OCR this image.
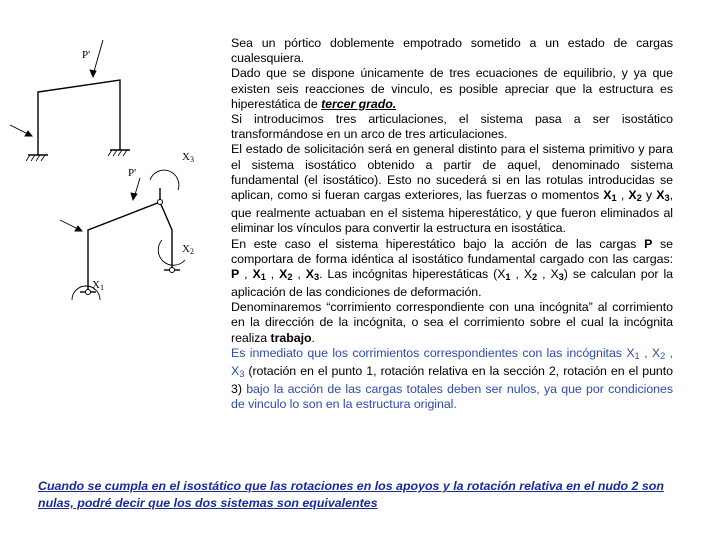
P'
P'
X1
X2
X3

Sea un pórtico doblemente empotrado sometido a un estado de cargas cualesquiera.

Dado que se dispone únicamente de tres ecuaciones de equilibrio, y ya que existen seis reacciones de vinculo, es posible apreciar que la estructura es hiperestática de tercer grado.

Si introducimos tres articulaciones, el sistema pasa a ser isostático transformándose en un arco de tres articulaciones.

El estado de solicitación será en general distinto para el sistema primitivo y para el sistema isostático obtenido a partir de aquel, denominado sistema fundamental (el isostático). Esto no sucederá si en las rotulas introducidas se aplican, como si fueran cargas exteriores, las fuerzas o momentos X1 , X2 y X3, que realmente actuaban en el sistema hiperestático, y que fueron eliminados al eliminar los vínculos para convertir la estructura en isostática.

En este caso el sistema hiperestático bajo la acción de las cargas P se comportara de forma idéntica al isostático fundamental cargado con las cargas: P , X1 , X2 , X3. Las incógnitas hiperestáticas (X1 , X2 , X3) se calculan por la aplicación de las condiciones de deformación.

Denominaremos “corrimiento correspondiente con una incógnita” al corrimiento en la dirección de la incógnita, o sea el corrimiento sobre el cual la incógnita realiza trabajo.

Es inmediato que los corrimientos correspondientes con las incógnitas X1 , X2 , X3 (rotación en el punto 1, rotación relativa en la sección 2, rotación en el punto 3) bajo la acción de las cargas totales deben ser nulos, ya que por condiciones de vinculo lo son en la estructura original.

Cuando se cumpla en el isostático que las rotaciones en los apoyos y la rotación relativa en el nudo 2 son nulas, podré decir que los dos sistemas son equivalentes
